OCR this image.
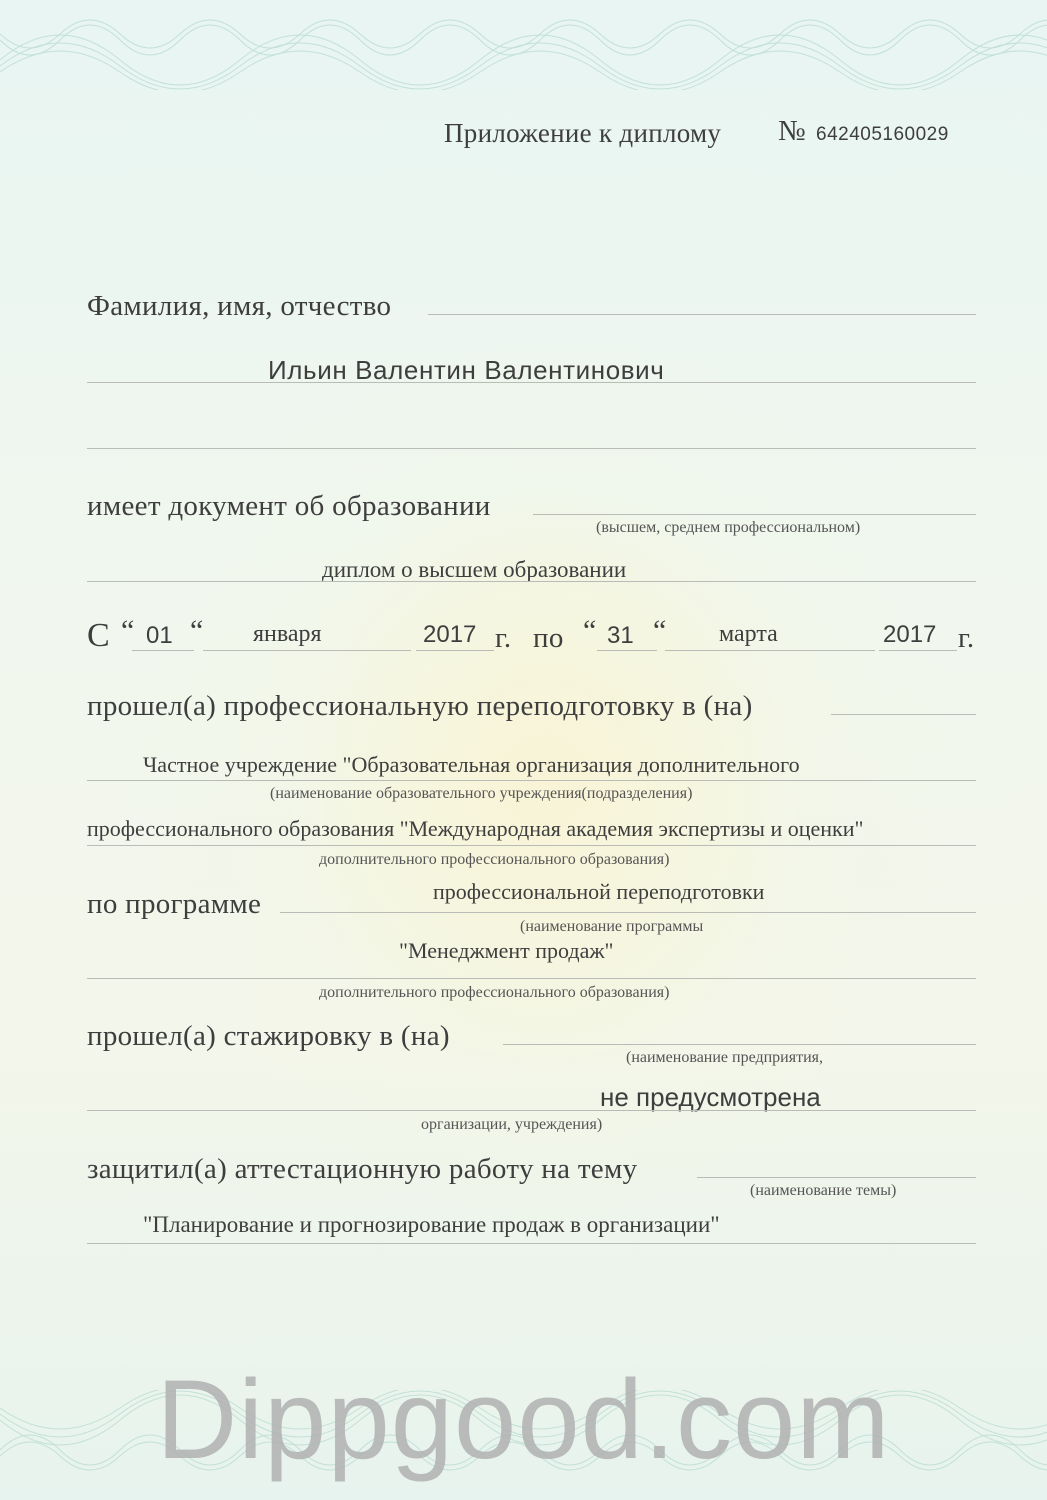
Приложение к диплому № 642405160029
Фамилия, имя, отчество
Ильин Валентин Валентинович
имеет документ об образовании
(высшем, среднем профессиональном)
диплом о высшем образовании
С “ 01 “ января	2017 г. по “ 31 “ марта	2017 г.
прошел(а) профессиональную переподготовку в (на)
Частное учреждение "Образовательная организация дополнительного
(наименование образовательного учреждения(подразделения)
профессионального образования "Международная академия экспертизы и оценки"
дополнительного профессионального образования)
по программе	профессиональной переподготовки
(наименование программы
"Менеджмент продаж"
дополнительного профессионального образования)
прошел(а) стажировку в (на)
(наименование предприятия,
не предусмотрена
организации, учреждения)
защитил(а) аттестационную работу на тему
(наименование темы)
"Планирование и прогнозирование продаж в организации"
Dippgood.com
